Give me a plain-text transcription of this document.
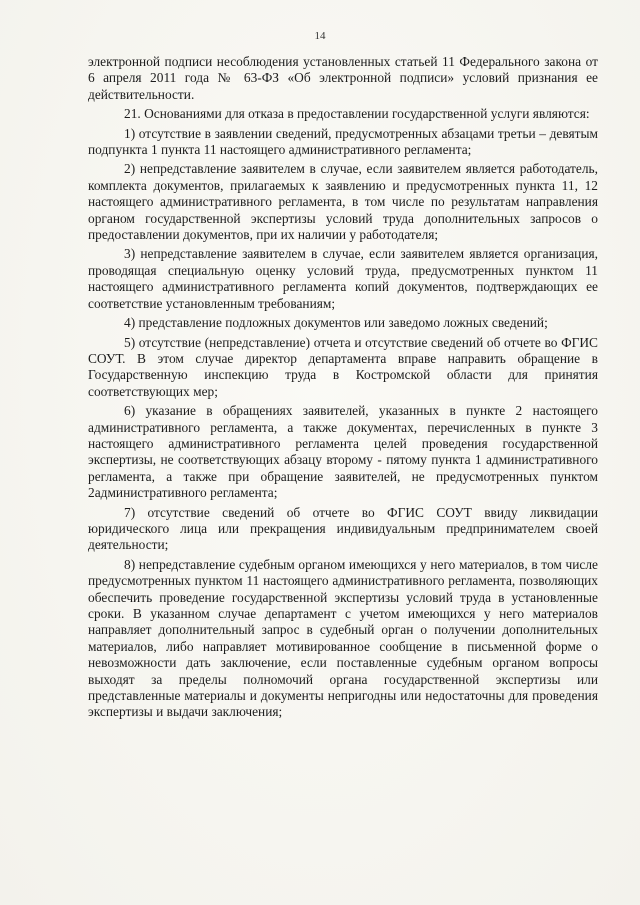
14

электронной подписи несоблюдения установленных статьей 11 Федерального закона от 6 апреля 2011 года № 63-ФЗ «Об электронной подписи» условий признания ее действительности.

21. Основаниями для отказа в предоставлении государственной услуги являются:

1) отсутствие в заявлении сведений, предусмотренных абзацами третьи – девятым подпункта 1 пункта 11 настоящего административного регламента;

2) непредставление заявителем в случае, если заявителем является работодатель, комплекта документов, прилагаемых к заявлению и предусмотренных пункта 11, 12 настоящего административного регламента, в том числе по результатам направления органом государственной экспертизы условий труда дополнительных запросов о предоставлении документов, при их наличии у работодателя;

3) непредставление заявителем в случае, если заявителем является организация, проводящая специальную оценку условий труда, предусмотренных пунктом 11 настоящего административного регламента копий документов, подтверждающих ее соответствие установленным требованиям;

4) представление подложных документов или заведомо ложных сведений;

5) отсутствие (непредставление) отчета и отсутствие сведений об отчете во ФГИС СОУТ. В этом случае директор департамента вправе направить обращение в Государственную инспекцию труда в Костромской области для принятия соответствующих мер;

6) указание в обращениях заявителей, указанных в пункте 2 настоящего административного регламента, а также документах, перечисленных в пункте 3 настоящего административного регламента целей проведения государственной экспертизы, не соответствующих абзацу второму - пятому пункта 1 административного регламента, а также при обращение заявителей, не предусмотренных пунктом 2административного регламента;

7) отсутствие сведений об отчете во ФГИС СОУТ ввиду ликвидации юридического лица или прекращения индивидуальным предпринимателем своей деятельности;

8) непредставление судебным органом имеющихся у него материалов, в том числе предусмотренных пунктом 11 настоящего административного регламента, позволяющих обеспечить проведение государственной экспертизы условий труда в установленные сроки. В указанном случае департамент с учетом имеющихся у него материалов направляет дополнительный запрос в судебный орган о получении дополнительных материалов, либо направляет мотивированное сообщение в письменной форме о невозможности дать заключение, если поставленные судебным органом вопросы выходят за пределы полномочий органа государственной экспертизы или представленные материалы и документы непригодны или недостаточны для проведения экспертизы и выдачи заключения;
